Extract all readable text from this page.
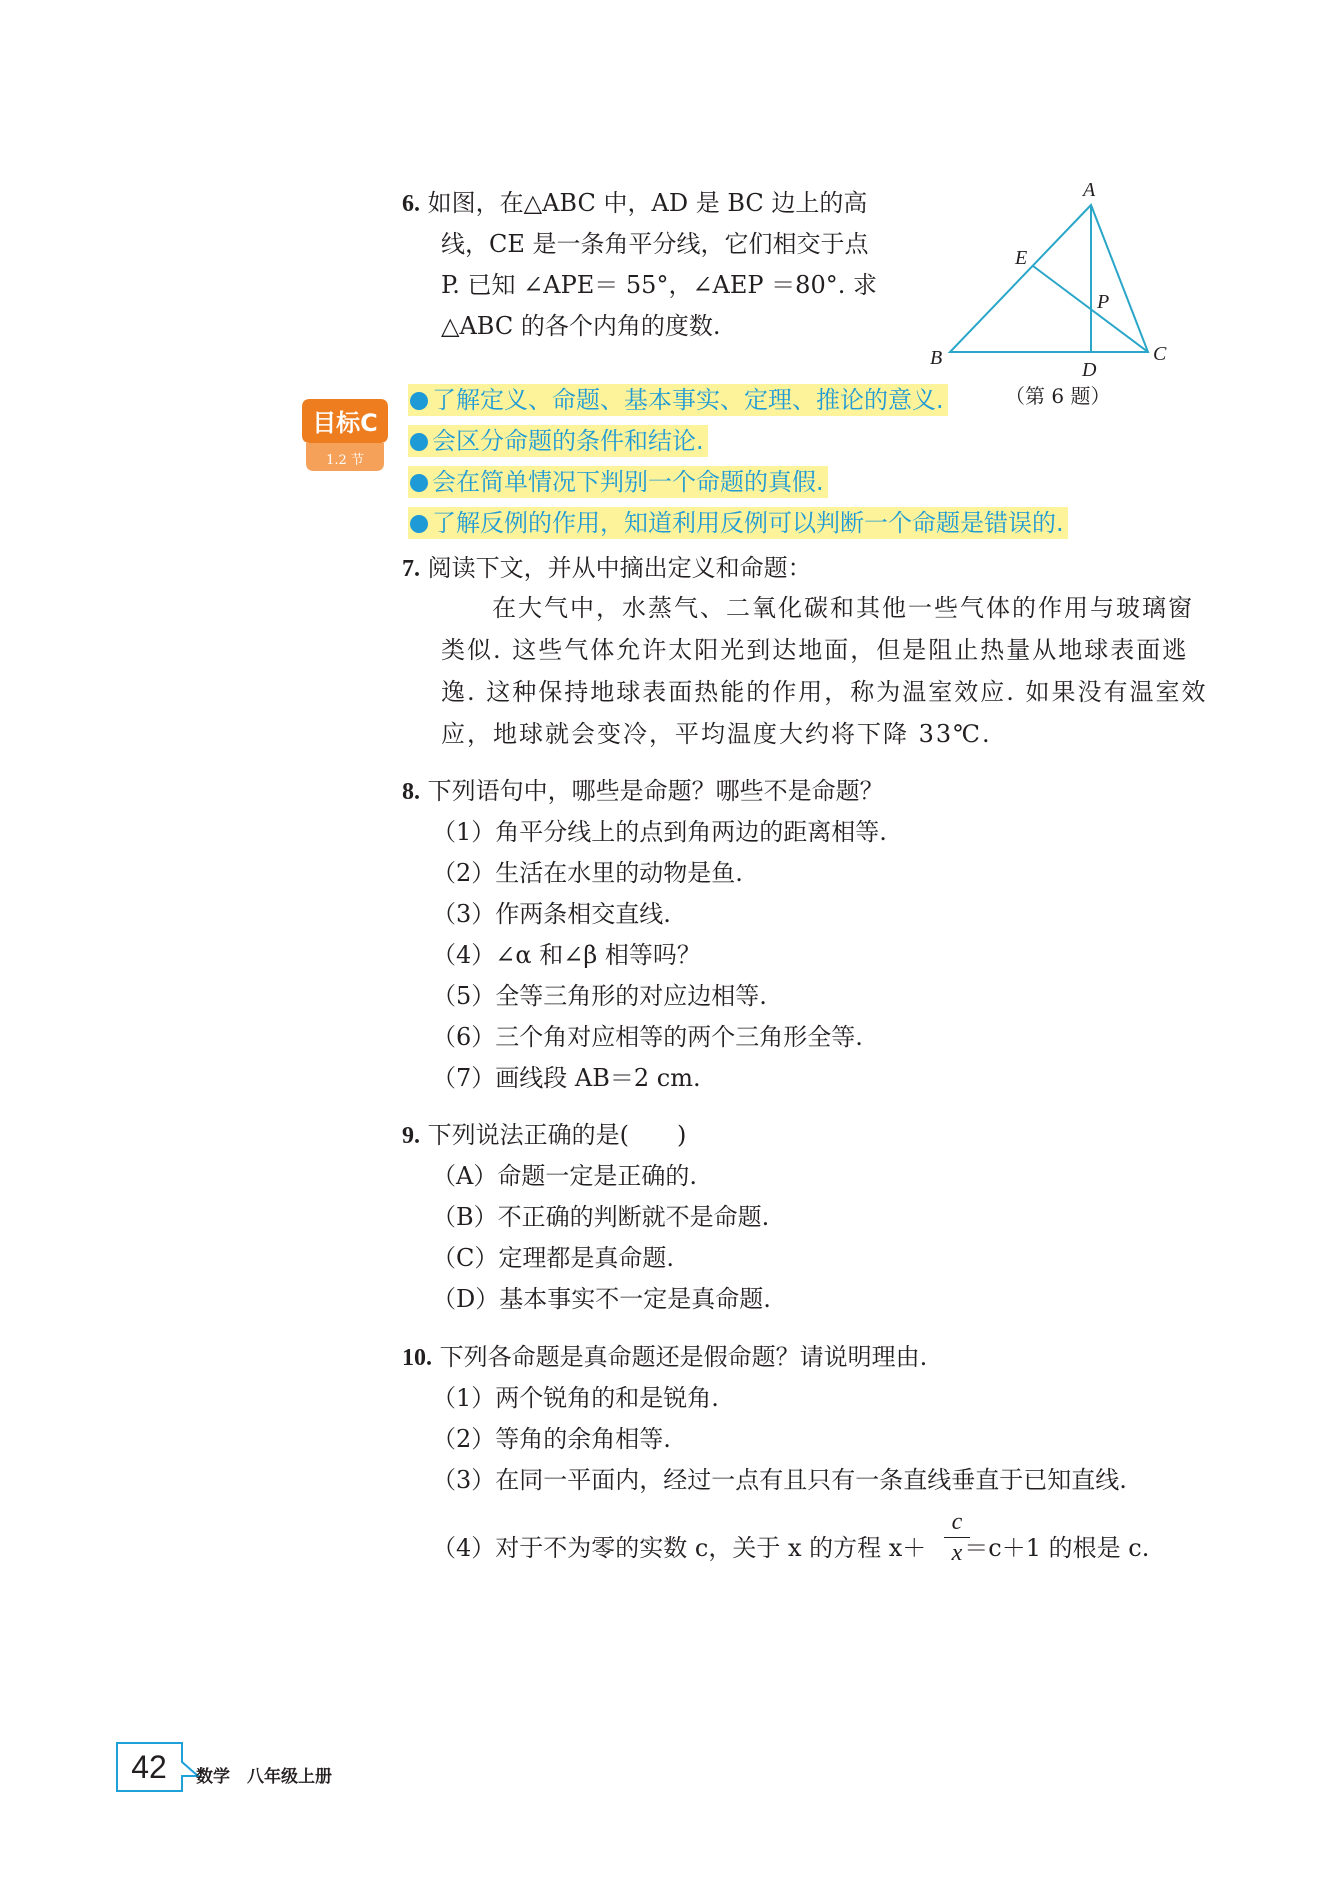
6. 如图，在△ABC 中，AD 是 BC 边上的高
线，CE 是一条角平分线，它们相交于点
P. 已知 ∠APE＝ 55°，∠AEP ＝80°. 求
△ABC 的各个内角的度数.
A
B	C
D
E
P
（第 6 题）
目标C
1.2 节
了解定义、命题、基本事实、定理、推论的意义.
会区分命题的条件和结论.
会在简单情况下判别一个命题的真假.
了解反例的作用，知道利用反例可以判断一个命题是错误的.
7. 阅读下文，并从中摘出定义和命题：
在大气中，水蒸气、二氧化碳和其他一些气体的作用与玻璃窗
类似. 这些气体允许太阳光到达地面，但是阻止热量从地球表面逃
逸. 这种保持地球表面热能的作用，称为温室效应. 如果没有温室效
应，地球就会变冷，平均温度大约将下降 33℃.
8. 下列语句中，哪些是命题？哪些不是命题？
（1）角平分线上的点到角两边的距离相等.
（2）生活在水里的动物是鱼.
（3）作两条相交直线.
（4）∠α 和∠β 相等吗？
（5）全等三角形的对应边相等.
（6）三个角对应相等的两个三角形全等.
（7）画线段 AB＝2 cm.
9. 下列说法正确的是(　　)
（A）命题一定是正确的.
（B）不正确的判断就不是命题.
（C）定理都是真命题.
（D）基本事实不一定是真命题.
10. 下列各命题是真命题还是假命题？请说明理由.
（1）两个锐角的和是锐角.
（2）等角的余角相等.
（3）在同一平面内，经过一点有且只有一条直线垂直于已知直线.
（4）对于不为零的实数 c，关于 x 的方程 x＋ ＝c＋1 的根是 c.
c
x
42	数学　八年级上册
